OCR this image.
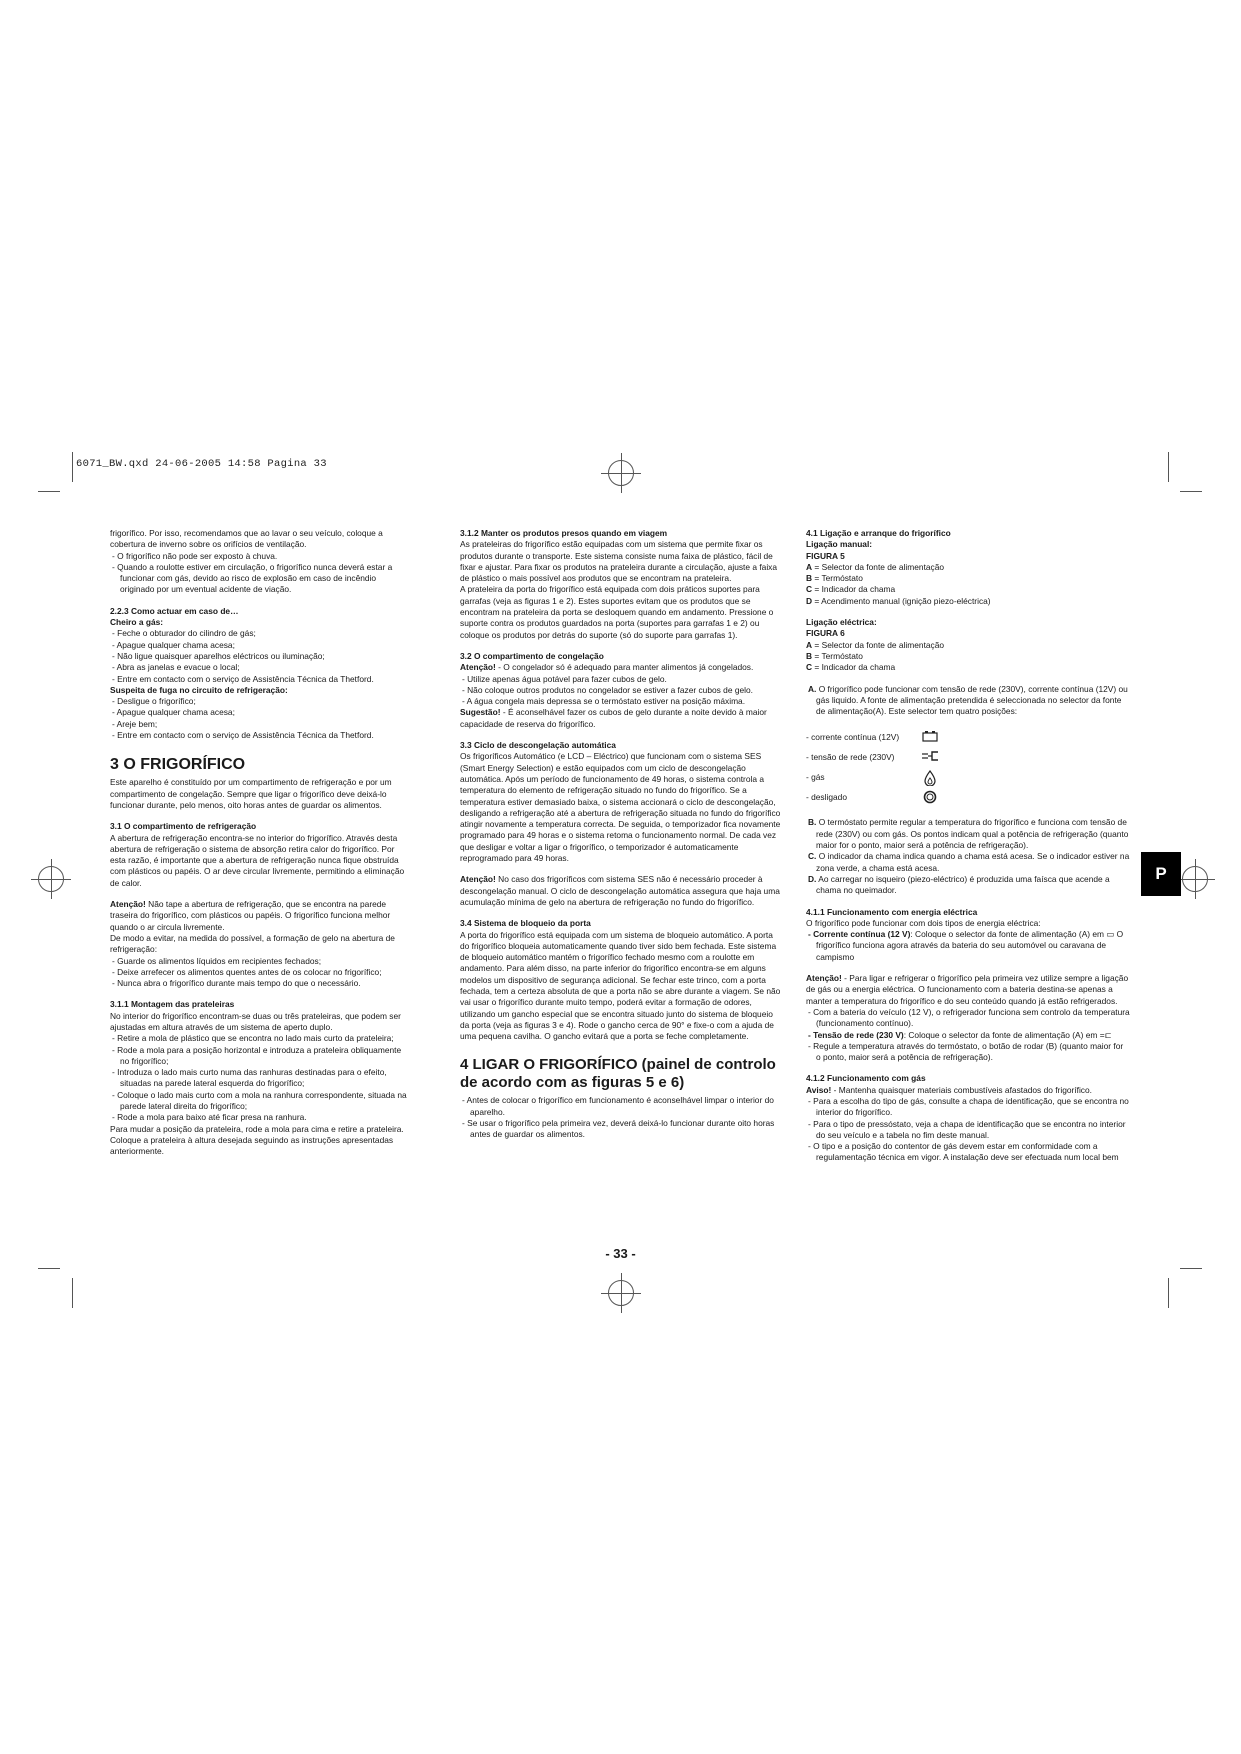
6071_BW.qxd 24-06-2005 14:58 Pagina 33
P

frigorífico. Por isso, recomendamos que ao lavar o seu veículo, coloque a cobertura de inverno sobre os orifícios de ventilação.

- O frigorífico não pode ser exposto à chuva.

- Quando a roulotte estiver em circulação, o frigorífico nunca deverá estar a funcionar com gás, devido ao risco de explosão em caso de incêndio originado por um eventual acidente de viação.

2.2.3 Como actuar em caso de…

Cheiro a gás:

- Feche o obturador do cilindro de gás;

- Apague qualquer chama acesa;

- Não ligue quaisquer aparelhos eléctricos ou iluminação;

- Abra as janelas e evacue o local;

- Entre em contacto com o serviço de Assistência Técnica da Thetford.

Suspeita de fuga no circuito de refrigeração:

- Desligue o frigorífico;

- Apague qualquer chama acesa;

- Areje bem;

- Entre em contacto com o serviço de Assistência Técnica da Thetford.

3 O FRIGORÍFICO

Este aparelho é constituído por um compartimento de refrigeração e por um compartimento de congelação. Sempre que ligar o frigorífico deve deixá-lo funcionar durante, pelo menos, oito horas antes de guardar os alimentos.

3.1 O compartimento de refrigeração

A abertura de refrigeração encontra-se no interior do frigorífico. Através desta abertura de refrigeração o sistema de absorção retira calor do frigorífico. Por esta razão, é importante que a abertura de refrigeração nunca fique obstruída com plásticos ou papéis. O ar deve circular livremente, permitindo a eliminação de calor.

Atenção! Não tape a abertura de refrigeração, que se encontra na parede traseira do frigorífico, com plásticos ou papéis. O frigorífico funciona melhor quando o ar circula livremente.

De modo a evitar, na medida do possível, a formação de gelo na abertura de refrigeração:

- Guarde os alimentos líquidos em recipientes fechados;

- Deixe arrefecer os alimentos quentes antes de os colocar no frigorífico;

- Nunca abra o frigorífico durante mais tempo do que o necessário.

3.1.1 Montagem das prateleiras

No interior do frigorífico encontram-se duas ou três prateleiras, que podem ser ajustadas em altura através de um sistema de aperto duplo.

- Retire a mola de plástico que se encontra no lado mais curto da prateleira;

- Rode a mola para a posição horizontal e introduza a prateleira obliquamente no frigorífico;

- Introduza o lado mais curto numa das ranhuras destinadas para o efeito, situadas na parede lateral esquerda do frigorífico;

- Coloque o lado mais curto com a mola na ranhura correspondente, situada na parede lateral direita do frigorífico;

- Rode a mola para baixo até ficar presa na ranhura.

Para mudar a posição da prateleira, rode a mola para cima e retire a prateleira. Coloque a prateleira à altura desejada seguindo as instruções apresentadas anteriormente.

3.1.2 Manter os produtos presos quando em viagem

As prateleiras do frigorífico estão equipadas com um sistema que permite fixar os produtos durante o transporte. Este sistema consiste numa faixa de plástico, fácil de fixar e ajustar. Para fixar os produtos na prateleira durante a circulação, ajuste a faixa de plástico o mais possível aos produtos que se encontram na prateleira.

A prateleira da porta do frigorífico está equipada com dois práticos suportes para garrafas (veja as figuras 1 e 2). Estes suportes evitam que os produtos que se encontram na prateleira da porta se desloquem quando em andamento. Pressione o suporte contra os produtos guardados na porta (suportes para garrafas 1 e 2) ou coloque os produtos por detrás do suporte (só do suporte para garrafas 1).

3.2 O compartimento de congelação

Atenção! - O congelador só é adequado para manter alimentos já congelados.

- Utilize apenas água potável para fazer cubos de gelo.

- Não coloque outros produtos no congelador se estiver a fazer cubos de gelo.

- A água congela mais depressa se o termóstato estiver na posição máxima.

Sugestão! - É aconselhável fazer os cubos de gelo durante a noite devido à maior capacidade de reserva do frigorífico.

3.3 Ciclo de descongelação automática

Os frigoríficos Automático (e LCD – Eléctrico) que funcionam com o sistema SES (Smart Energy Selection) e estão equipados com um ciclo de descongelação automática. Após um período de funcionamento de 49 horas, o sistema controla a temperatura do elemento de refrigeração situado no fundo do frigorífico. Se a temperatura estiver demasiado baixa, o sistema accionará o ciclo de descongelação, desligando a refrigeração até a abertura de refrigeração situada no fundo do frigorífico atingir novamente a temperatura correcta. De seguida, o temporizador fica novamente programado para 49 horas e o sistema retoma o funcionamento normal. De cada vez que desligar e voltar a ligar o frigorífico, o temporizador é automaticamente reprogramado para 49 horas.

Atenção! No caso dos frigoríficos com sistema SES não é necessário proceder à descongelação manual. O ciclo de descongelação automática assegura que haja uma acumulação mínima de gelo na abertura de refrigeração no fundo do frigorífico.

3.4 Sistema de bloqueio da porta

A porta do frigorífico está equipada com um sistema de bloqueio automático. A porta do frigorífico bloqueia automaticamente quando tiver sido bem fechada. Este sistema de bloqueio automático mantém o frigorífico fechado mesmo com a roulotte em andamento. Para além disso, na parte inferior do frigorífico encontra-se em alguns modelos um dispositivo de segurança adicional. Se fechar este trinco, com a porta fechada, tem a certeza absoluta de que a porta não se abre durante a viagem. Se não vai usar o frigorífico durante muito tempo, poderá evitar a formação de odores, utilizando um gancho especial que se encontra situado junto do sistema de bloqueio da porta (veja as figuras 3 e 4). Rode o gancho cerca de 90° e fixe-o com a ajuda de uma pequena cavilha. O gancho evitará que a porta se feche completamente.

4 LIGAR O FRIGORÍFICO (painel de controlo de acordo com as figuras 5 e 6)

- Antes de colocar o frigorífico em funcionamento é aconselhável limpar o interior do aparelho.

- Se usar o frigorífico pela primeira vez, deverá deixá-lo funcionar durante oito horas antes de guardar os alimentos.

4.1 Ligação e arranque do frigorífico

Ligação manual:

FIGURA 5

A = Selector da fonte de alimentação

B = Termóstato

C = Indicador da chama

D = Acendimento manual (ignição piezo-eléctrica)

Ligação eléctrica:

FIGURA 6

A = Selector da fonte de alimentação

B = Termóstato

C = Indicador da chama

A. O frigorífico pode funcionar com tensão de rede (230V), corrente contínua (12V) ou gás liquido. A fonte de alimentação pretendida é seleccionada no selector da fonte de alimentação(A). Este selector tem quatro posições:

- corrente contínua (12V)
- tensão de rede (230V)
- gás
- desligado

B. O termóstato permite regular a temperatura do frigorífico e funciona com tensão de rede (230V) ou com gás. Os pontos indicam qual a potência de refrigeração (quanto maior for o ponto, maior será a potência de refrigeração).

C. O indicador da chama indica quando a chama está acesa. Se o indicador estiver na zona verde, a chama está acesa.

D. Ao carregar no isqueiro (piezo-eléctrico) é produzida uma faísca que acende a chama no queimador.

4.1.1 Funcionamento com energia eléctrica

O frigorífico pode funcionar com dois tipos de energia eléctrica:

- Corrente contínua (12 V): Coloque o selector da fonte de alimentação (A) em ▭ O frigorífico funciona agora através da bateria do seu automóvel ou caravana de campismo

Atenção! - Para ligar e refrigerar o frigorífico pela primeira vez utilize sempre a ligação de gás ou a energia eléctrica. O funcionamento com a bateria destina-se apenas a manter a temperatura do frigorífico e do seu conteúdo quando já estão refrigerados.

- Com a bateria do veículo (12 V), o refrigerador funciona sem controlo da temperatura (funcionamento contínuo).

- Tensão de rede (230 V): Coloque o selector da fonte de alimentação (A) em =⊏

- Regule a temperatura através do termóstato, o botão de rodar (B) (quanto maior for o ponto, maior será a potência de refrigeração).

4.1.2 Funcionamento com gás

Aviso! - Mantenha quaisquer materiais combustíveis afastados do frigorífico.

- Para a escolha do tipo de gás, consulte a chapa de identificação, que se encontra no interior do frigorífico.

- Para o tipo de pressóstato, veja a chapa de identificação que se encontra no interior do seu veículo e a tabela no fim deste manual.

- O tipo e a posição do contentor de gás devem estar em conformidade com a regulamentação técnica em vigor. A instalação deve ser efectuada num local bem

- 33 -
